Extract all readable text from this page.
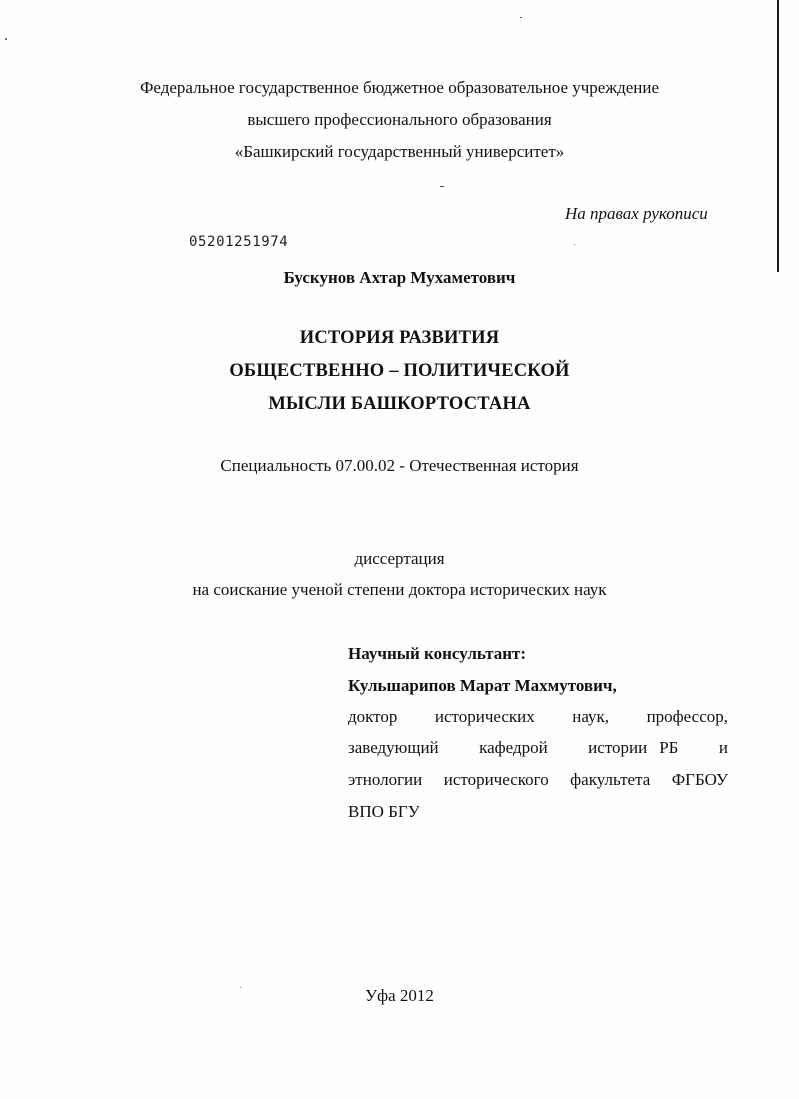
Федеральное государственное бюджетное образовательное учреждение
высшего профессионального образования
«Башкирский государственный университет»
На правах рукописи
05201251974
Бускунов Ахтар Мухаметович
ИСТОРИЯ РАЗВИТИЯ
ОБЩЕСТВЕННО – ПОЛИТИЧЕСКОЙ
МЫСЛИ БАШКОРТОСТАНА
Специальность 07.00.02 - Отечественная история
диссертация
на соискание ученой степени доктора исторических наук
Научный консультант:
Кульшарипов Марат Махмутович,
доктор исторических наук, профессор,
заведующий кафедрой истории РБ и
этнологии исторического факультета ФГБОУ
ВПО БГУ
Уфа 2012
